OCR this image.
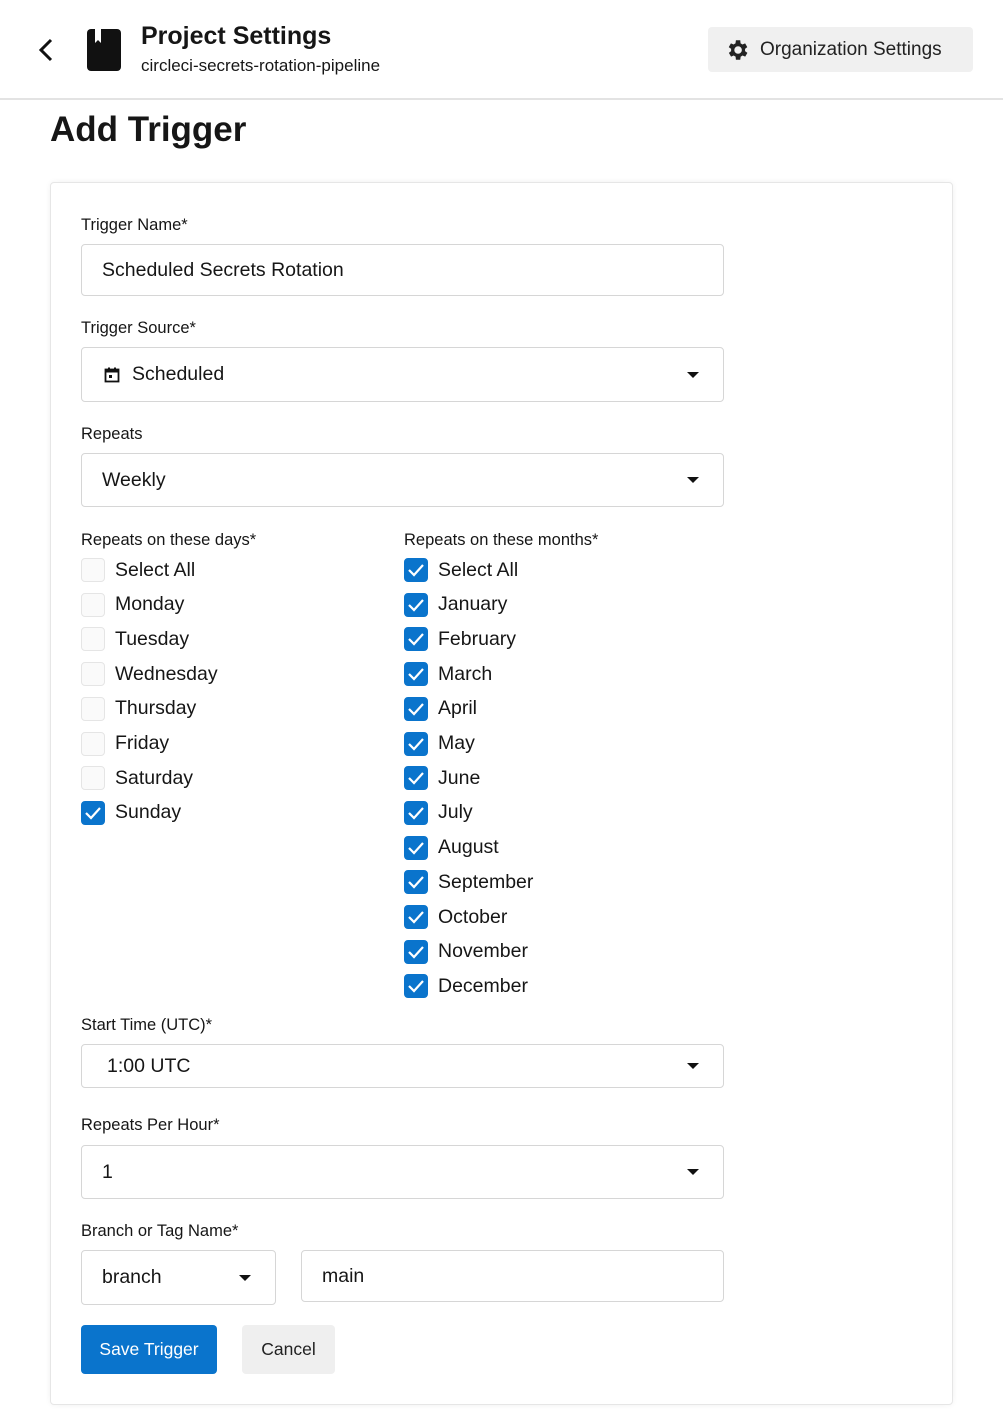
Project Settings
circleci-secrets-rotation-pipeline
Organization Settings
Add Trigger
Trigger Name*
Scheduled Secrets Rotation
Trigger Source*
Scheduled
Repeats
Weekly
Repeats on these days*	Repeats on these months*
Select All
Monday
Tuesday
Wednesday
Thursday
Friday
Saturday
Sunday
Select All
January
February
March
April
May
June
July
August
September
October
November
December
Start Time (UTC)*
1:00 UTC
Repeats Per Hour*
1
Branch or Tag Name*
branch	main
Save Trigger	Cancel
